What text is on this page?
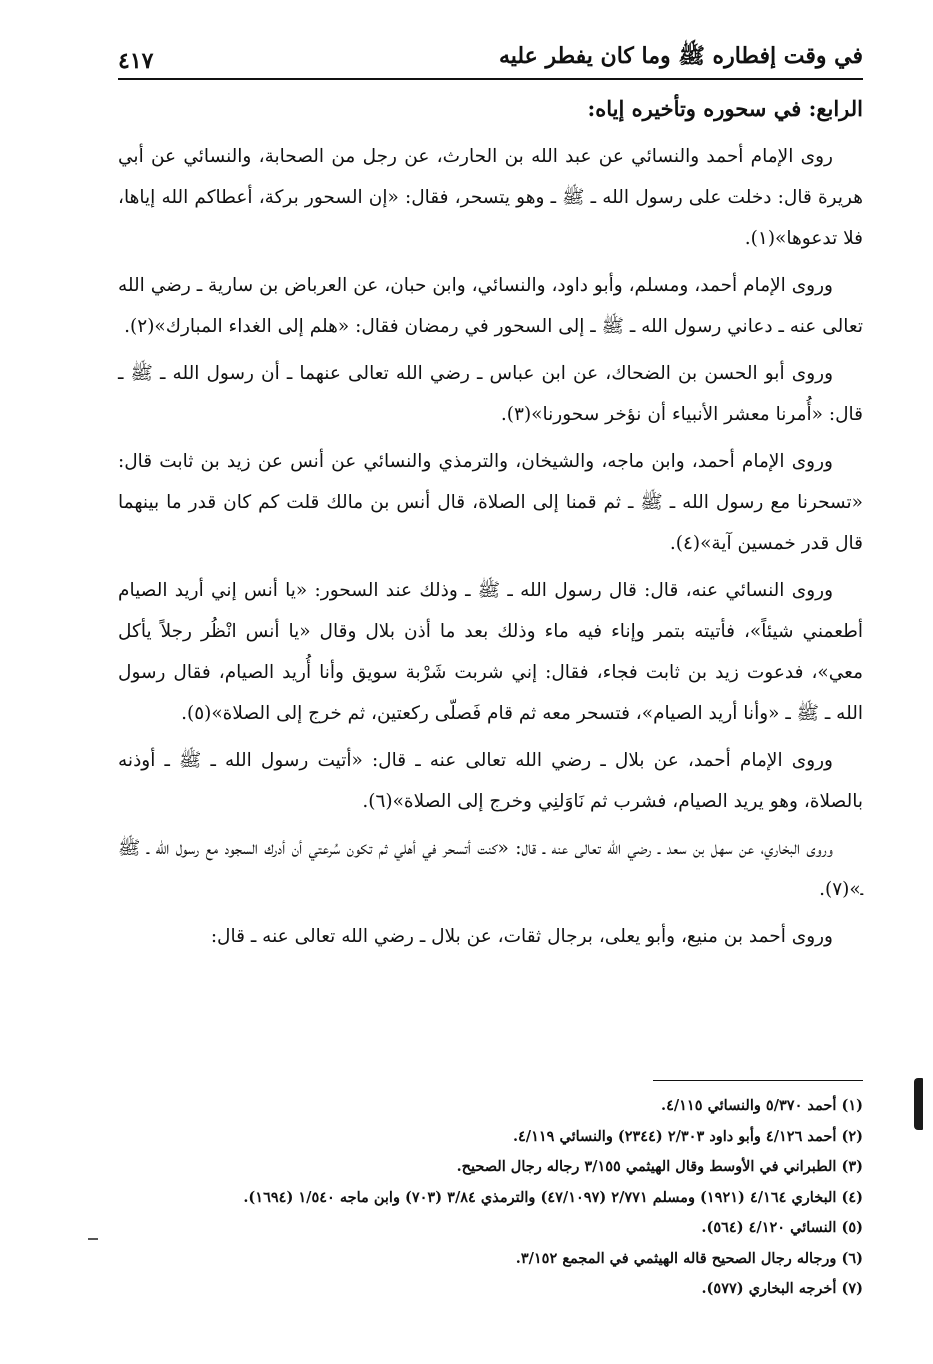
في وقت إفطاره ﷺ وما كان يفطر عليه
٤١٧

الرابع: في سحوره وتأخيره إياه:

روى الإمام أحمد والنسائي عن عبد الله بن الحارث، عن رجل من الصحابة، والنسائي عن أبي هريرة قال: دخلت على رسول الله ـ ﷺ ـ وهو يتسحر، فقال: «إن السحور بركة، أعطاكم الله إياها، فلا تدعوها»(١).

وروى الإمام أحمد، ومسلم، وأبو داود، والنسائي، وابن حبان، عن العرباض بن سارية ـ رضي الله تعالى عنه ـ دعاني رسول الله ـ ﷺ ـ إلى السحور في رمضان فقال: «هلم إلى الغداء المبارك»(٢).

وروى أبو الحسن بن الضحاك، عن ابن عباس ـ رضي الله تعالى عنهما ـ أن رسول الله ـ ﷺ ـ قال: «أُمرنا معشر الأنبياء أن نؤخر سحورنا»(٣).

وروى الإمام أحمد، وابن ماجه، والشيخان، والترمذي والنسائي عن أنس عن زيد بن ثابت قال: «تسحرنا مع رسول الله ـ ﷺ ـ ثم قمنا إلى الصلاة، قال أنس بن مالك قلت كم كان قدر ما بينهما قال قدر خمسين آية»(٤).

وروى النسائي عنه، قال: قال رسول الله ـ ﷺ ـ وذلك عند السحور: «يا أنس إني أريد الصيام أطعمني شيئاً»، فأتيته بتمر وإناء فيه ماء وذلك بعد ما أذن بلال وقال «يا أنس انْظُر رجلاً يأكل معي»، فدعوت زيد بن ثابت فجاء، فقال: إني شربت شَرْبة سويق وأنا أُريد الصيام، فقال رسول الله ـ ﷺ ـ «وأنا أريد الصيام»، فتسحر معه ثم قام فَصلّى ركعتين، ثم خرج إلى الصلاة»(٥).

وروى الإمام أحمد، عن بلال ـ رضي الله تعالى عنه ـ قال: «أتيت رسول الله ـ ﷺ ـ أوذنه بالصلاة، وهو يريد الصيام، فشرب ثم نَاوَلنِي وخرج إلى الصلاة»(٦).

وروى البخاري، عن سهل بن سعد ـ رضي الله تعالى عنه ـ قال: «كنت أتسحر في أهلي ثم تكون سُرعتي أن أدرك السجود مع رسول الله ـ ﷺ ـ»(٧).

وروى أحمد بن منيع، وأبو يعلى، برجال ثقات، عن بلال ـ رضي الله تعالى عنه ـ قال:

(١) أحمد ٥/٣٧٠ والنسائي ٤/١١٥.

(٢) أحمد ٤/١٢٦ وأبو داود ٢/٣٠٣ (٢٣٤٤) والنسائي ٤/١١٩.

(٣) الطبراني في الأوسط وقال الهيثمي ٣/١٥٥ رجاله رجال الصحيح.

(٤) البخاري ٤/١٦٤ (١٩٢١) ومسلم ٢/٧٧١ (٤٧/١٠٩٧) والترمذي ٣/٨٤ (٧٠٣) وابن ماجه ١/٥٤٠ (١٦٩٤).

(٥) النسائي ٤/١٢٠ (٥٦٤).

(٦) ورجاله رجال الصحيح قاله الهيثمي في المجمع ٣/١٥٢.

(٧) أخرجه البخاري (٥٧٧).
